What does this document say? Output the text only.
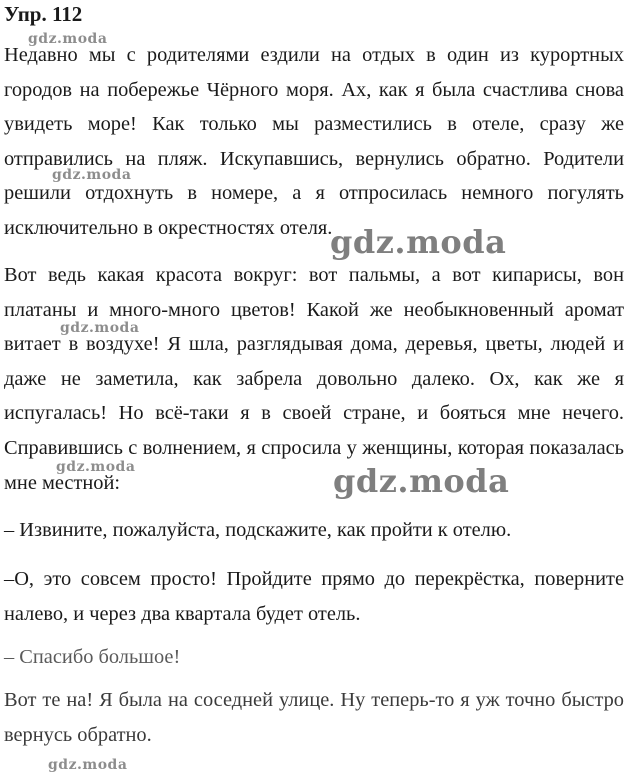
Упр. 112

Недавно мы с родителями ездили на отдых в один из курортных городов на побережье Чёрного моря. Ах, как я была счастлива снова увидеть море! Как только мы разместились в отеле, сразу же отправились на пляж. Искупавшись, вернулись обратно. Родители решили отдохнуть в номере, а я отпросилась немного погулять исключительно в окрестностях отеля.

Вот ведь какая красота вокруг: вот пальмы, а вот кипарисы, вон платаны и много-много цветов! Какой же необыкновенный аромат витает в воздухе! Я шла, разглядывая дома, деревья, цветы, людей и даже не заметила, как забрела довольно далеко. Ох, как же я испугалась! Но всё-таки я в своей стране, и бояться мне нечего. Справившись с волнением, я спросила у женщины, которая показалась мне местной:

– Извините, пожалуйста, подскажите, как пройти к отелю.

–О, это совсем просто! Пройдите прямо до перекрёстка, поверните налево, и через два квартала будет отель.

– Спасибо большое!

Вот те на! Я была на соседней улице. Ну теперь-то я уж точно быстро вернусь обратно.

gdz.moda
gdz.moda
gdz.moda
gdz.moda
gdz.moda	gdz.moda
gdz.moda
